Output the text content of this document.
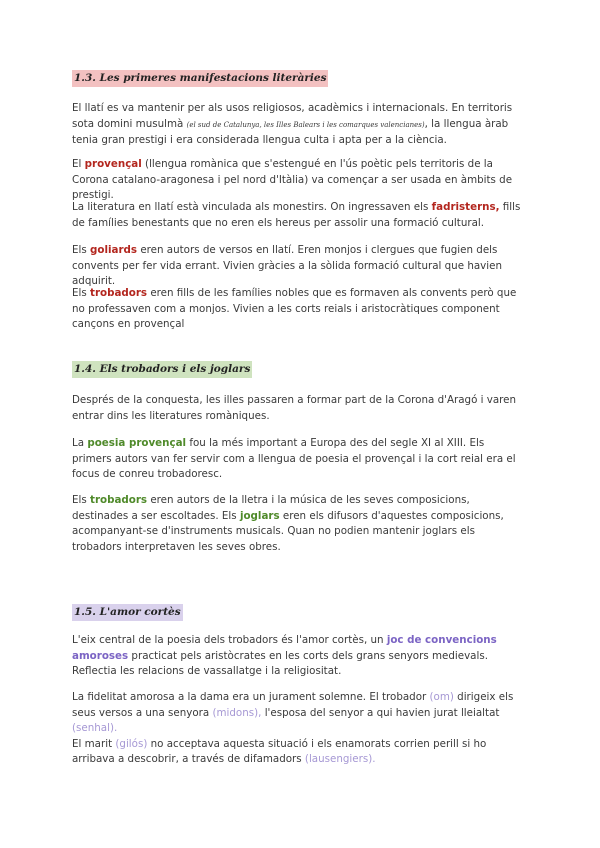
1.3. Les primeres manifestacions literàries

El llatí es va mantenir per als usos religiosos, acadèmics i internacionals. En territoris sota domini musulmà (el sud de Catalunya, les Illes Balears i les comarques valencianes), la llengua àrab tenia gran prestigi i era considerada llengua culta i apta per a la ciència.

El provençal (llengua romànica que s'estengué en l'ús poètic pels territoris de la Corona catalano-aragonesa i pel nord d'Itàlia) va començar a ser usada en àmbits de prestigi.

La literatura en llatí està vinculada als monestirs. On ingressaven els fadristerns, fills de famílies benestants que no eren els hereus per assolir una formació cultural.

Els goliards eren autors de versos en llatí. Eren monjos i clergues que fugien dels convents per fer vida errant. Vivien gràcies a la sòlida formació cultural que havien adquirit.

Els trobadors eren fills de les famílies nobles que es formaven als convents però que no professaven com a monjos. Vivien a les corts reials i aristocràtiques component cançons en provençal

1.4. Els trobadors i els joglars

Després de la conquesta, les illes passaren a formar part de la Corona d'Aragó i varen entrar dins les literatures romàniques.

La poesia provençal fou la més important a Europa des del segle XI al XIII. Els primers autors van fer servir com a llengua de poesia el provençal i la cort reial era el focus de conreu trobadoresc.

Els trobadors eren autors de la lletra i la música de les seves composicions, destinades a ser escoltades. Els joglars eren els difusors d'aquestes composicions, acompanyant-se d'instruments musicals. Quan no podien mantenir joglars els trobadors interpretaven les seves obres.

1.5. L'amor cortès

L'eix central de la poesia dels trobadors és l'amor cortès, un joc de convencions amoroses practicat pels aristòcrates en les corts dels grans senyors medievals. Reflectia les relacions de vassallatge i la religiositat.

La fidelitat amorosa a la dama era un jurament solemne. El trobador (om) dirigeix els seus versos a una senyora (midons), l'esposa del senyor a qui havien jurat lleialtat (senhal).
El marit (gilós) no acceptava aquesta situació i els enamorats corrien perill si ho arribava a descobrir, a través de difamadors (lausengiers).
